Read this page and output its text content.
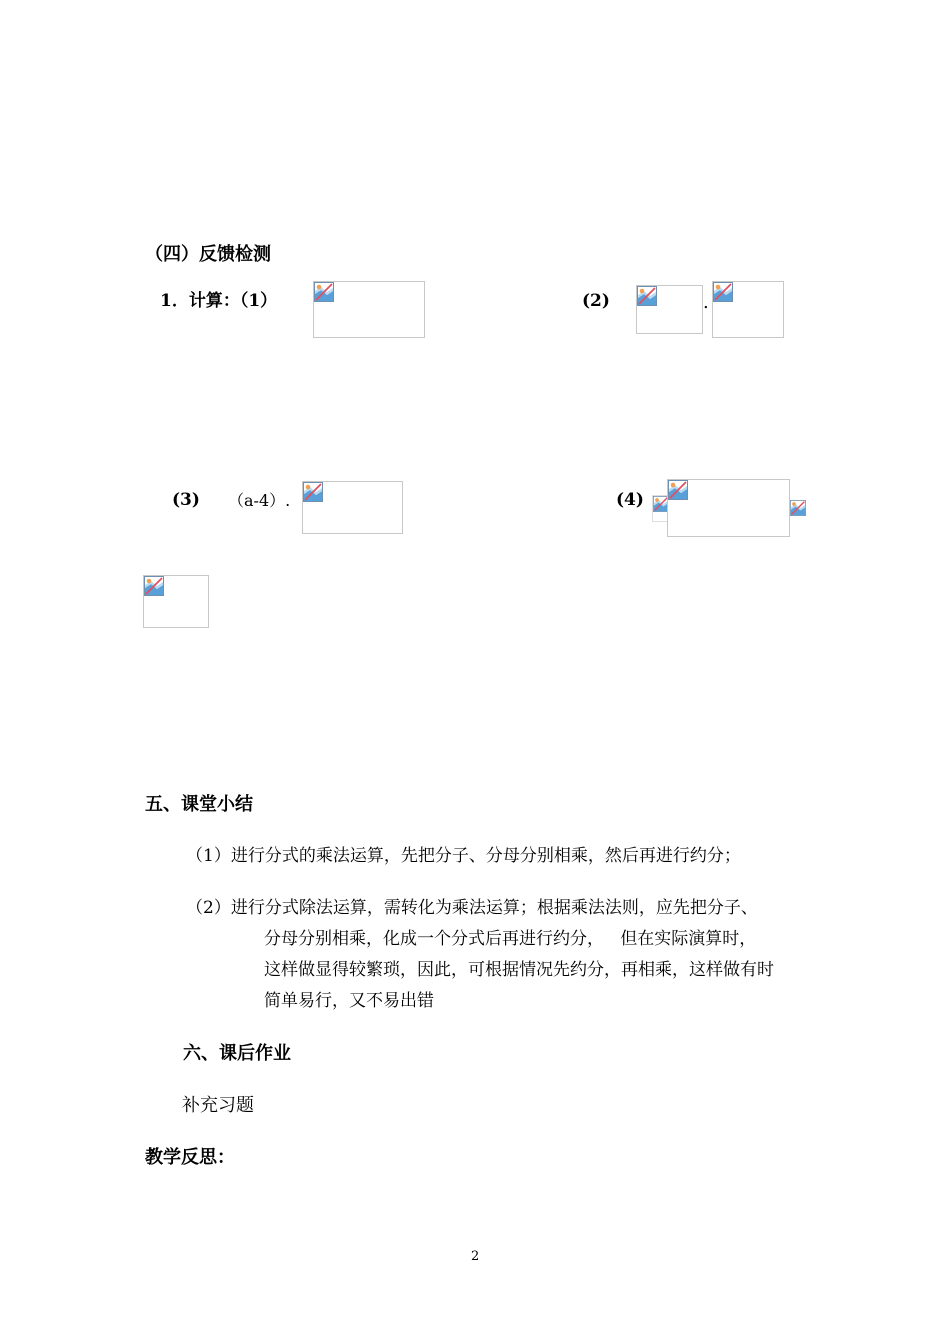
（四）反馈检测
1．计算：（1）	(2)	.
(3) （a-4）.	(4)
五、课堂小结
（1）进行分式的乘法运算，先把分子、分母分别相乘，然后再进行约分；
（2）进行分式除法运算，需转化为乘法运算；根据乘法法则，应先把分子、
分母分别相乘，化成一个分式后再进行约分，   但在实际演算时，
这样做显得较繁琐，因此，可根据情况先约分，再相乘，这样做有时
简单易行，又不易出错
六、课后作业
补充习题
教学反思：
2
